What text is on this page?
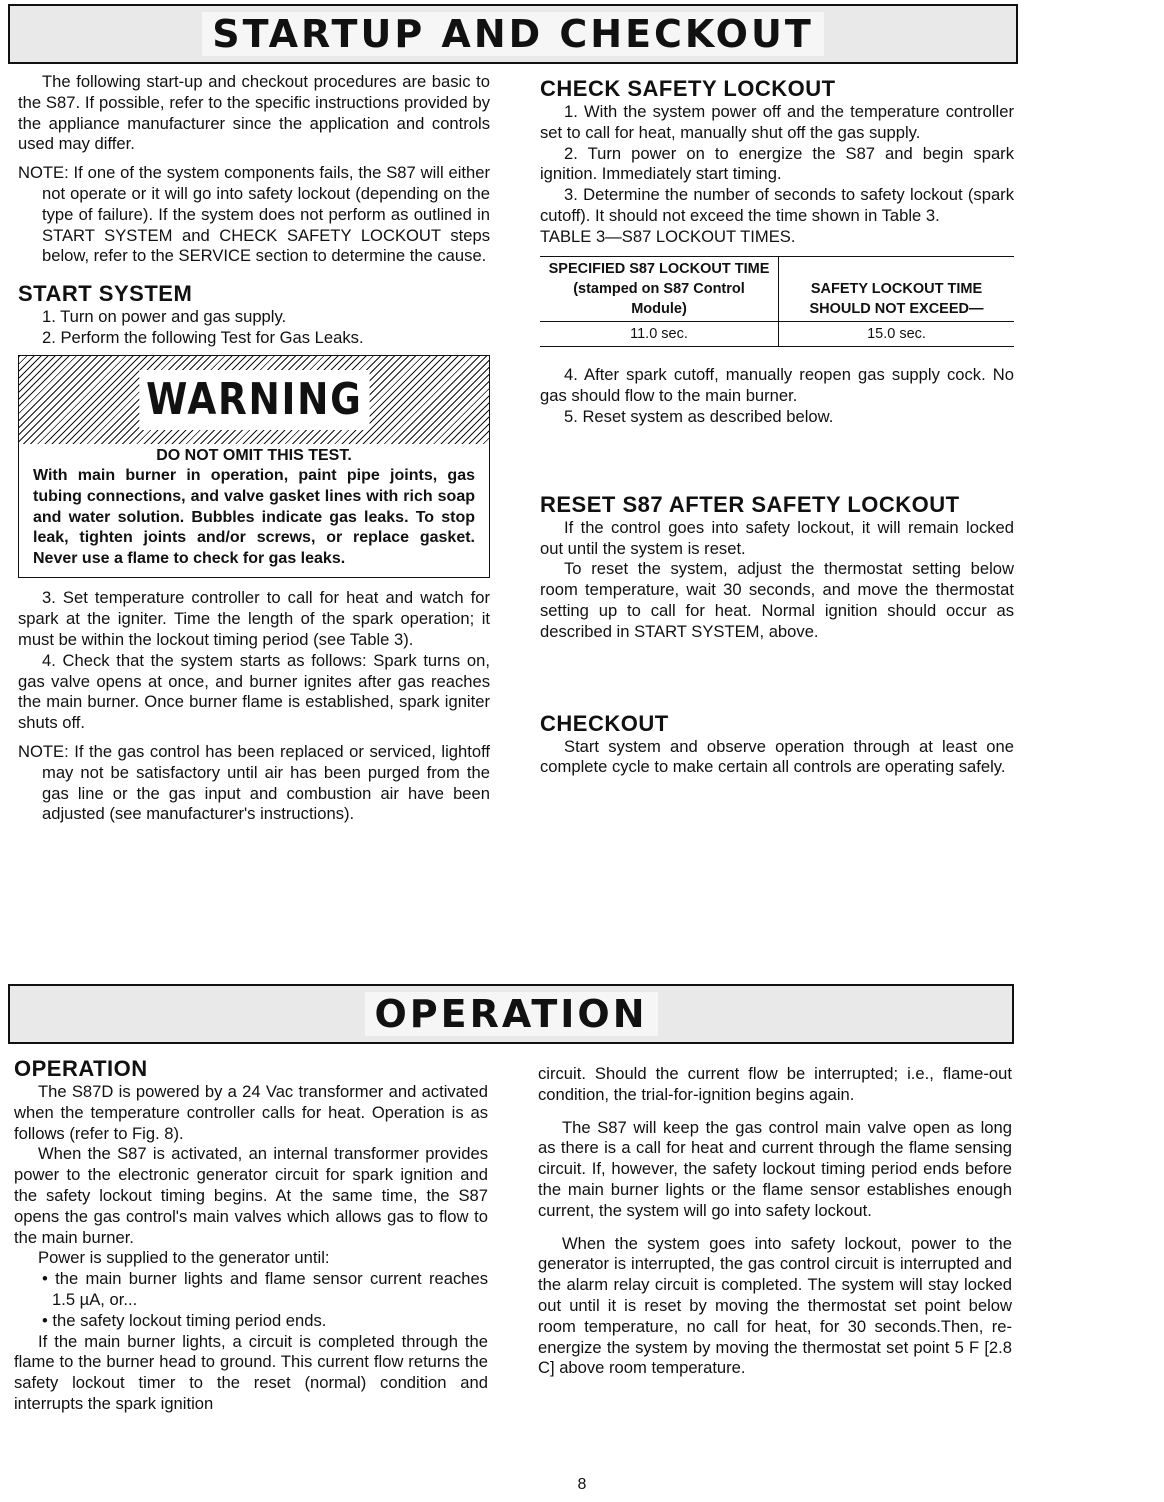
STARTUP AND CHECKOUT

The following start-up and checkout procedures are basic to the S87. If possible, refer to the specific instructions provided by the appliance manufacturer since the application and controls used may differ.

NOTE: If one of the system components fails, the S87 will either not operate or it will go into safety lockout (depending on the type of failure). If the system does not perform as outlined in START SYSTEM and CHECK SAFETY LOCKOUT steps below, refer to the SERVICE section to determine the cause.

START SYSTEM

1. Turn on power and gas supply.

2. Perform the following Test for Gas Leaks.

WARNING

DO NOT OMIT THIS TEST.

With main burner in operation, paint pipe joints, gas tubing connections, and valve gasket lines with rich soap and water solution. Bubbles indicate gas leaks. To stop leak, tighten joints and/or screws, or replace gasket. Never use a flame to check for gas leaks.

3. Set temperature controller to call for heat and watch for spark at the igniter. Time the length of the spark operation; it must be within the lockout timing period (see Table 3).

4. Check that the system starts as follows: Spark turns on, gas valve opens at once, and burner ignites after gas reaches the main burner. Once burner flame is established, spark igniter shuts off.

NOTE: If the gas control has been replaced or serviced, lightoff may not be satisfactory until air has been purged from the gas line or the gas input and combustion air have been adjusted (see manufacturer's instructions).

CHECK SAFETY LOCKOUT

1. With the system power off and the temperature controller set to call for heat, manually shut off the gas supply.

2. Turn power on to energize the S87 and begin spark ignition. Immediately start timing.

3. Determine the number of seconds to safety lockout (spark cutoff). It should not exceed the time shown in Table 3.

TABLE 3—S87 LOCKOUT TIMES.

SPECIFIED S87 LOCKOUT TIME (stamped on S87 Control Module)	SAFETY LOCKOUT TIME SHOULD NOT EXCEED—
11.0 sec.	15.0 sec.

4. After spark cutoff, manually reopen gas supply cock. No gas should flow to the main burner.

5. Reset system as described below.

RESET S87 AFTER SAFETY LOCKOUT

If the control goes into safety lockout, it will remain locked out until the system is reset.

To reset the system, adjust the thermostat setting below room temperature, wait 30 seconds, and move the thermostat setting up to call for heat. Normal ignition should occur as described in START SYSTEM, above.

CHECKOUT

Start system and observe operation through at least one complete cycle to make certain all controls are operating safely.

OPERATION
OPERATION

The S87D is powered by a 24 Vac transformer and activated when the temperature controller calls for heat. Operation is as follows (refer to Fig. 8).

When the S87 is activated, an internal transformer provides power to the electronic generator circuit for spark ignition and the safety lockout timing begins. At the same time, the S87 opens the gas control's main valves which allows gas to flow to the main burner.

Power is supplied to the generator until:

• the main burner lights and flame sensor current reaches 1.5 µA, or...

• the safety lockout timing period ends.

If the main burner lights, a circuit is completed through the flame to the burner head to ground. This current flow returns the safety lockout timer to the reset (normal) condition and interrupts the spark ignition

circuit. Should the current flow be interrupted; i.e., flame-out condition, the trial-for-ignition begins again.

The S87 will keep the gas control main valve open as long as there is a call for heat and current through the flame sensing circuit. If, however, the safety lockout timing period ends before the main burner lights or the flame sensor establishes enough current, the system will go into safety lockout.

When the system goes into safety lockout, power to the generator is interrupted, the gas control circuit is interrupted and the alarm relay circuit is completed. The system will stay locked out until it is reset by moving the thermostat set point below room temperature, no call for heat, for 30 seconds.Then, re-energize the system by moving the thermostat set point 5 F [2.8 C] above room temperature.

8
